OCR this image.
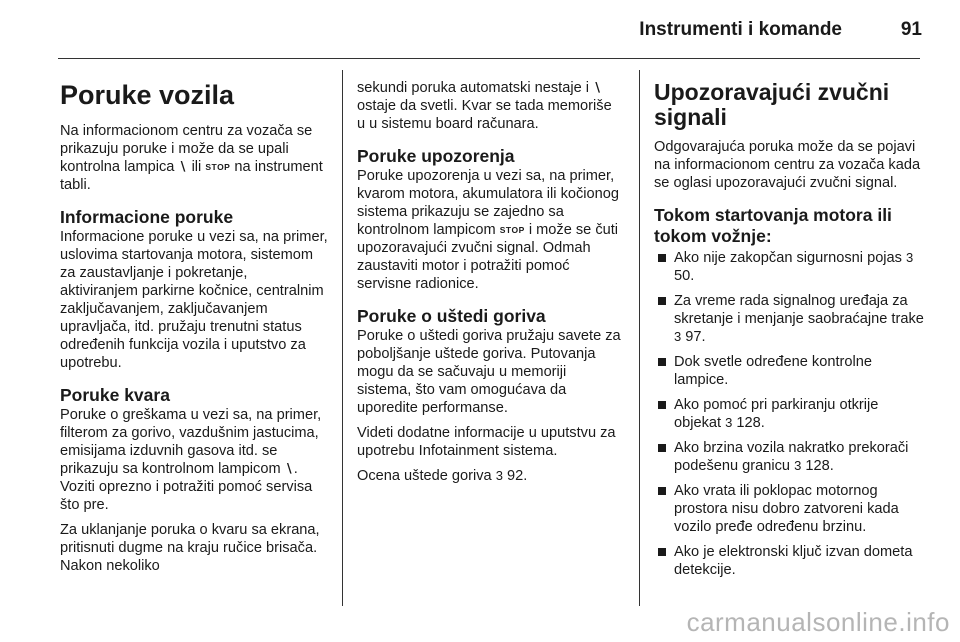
Instrumenti i komande	91
Poruke vozila

Na informacionom centru za vozača se prikazuju poruke i može da se upali kontrolna lampica ∖ ili STOP na instrument tabli.

Informacione poruke

Informacione poruke u vezi sa, na primer, uslovima startovanja motora, sistemom za zaustavljanje i pokretanje, aktiviranjem parkirne kočnice, centralnim zaključavanjem, zaključavanjem upravljača, itd. pružaju trenutni status određenih funkcija vozila i uputstvo za upotrebu.

Poruke kvara

Poruke o greškama u vezi sa, na primer, filterom za gorivo, vazdušnim jastucima, emisijama izduvnih gasova itd. se prikazuju sa kontrolnom lampicom ∖. Voziti oprezno i potražiti pomoć servisa što pre.

Za uklanjanje poruka o kvaru sa ekrana, pritisnuti dugme na kraju ručice brisača. Nakon nekoliko

sekundi poruka automatski nestaje i ∖ ostaje da svetli. Kvar se tada memoriše u u sistemu board računara.

Poruke upozorenja

Poruke upozorenja u vezi sa, na primer, kvarom motora, akumulatora ili kočionog sistema prikazuju se zajedno sa kontrolnom lampicom STOP i može se čuti upozoravajući zvučni signal. Odmah zaustaviti motor i potražiti pomoć servisne radionice.

Poruke o uštedi goriva

Poruke o uštedi goriva pružaju savete za poboljšanje uštede goriva. Putovanja mogu da se sačuvaju u memoriji sistema, što vam omogućava da uporedite performanse.

Videti dodatne informacije u uputstvu za upotrebu Infotainment sistema.

Ocena uštede goriva 3 92.

Upozoravajući zvučni signali

Odgovarajuća poruka može da se pojavi na informacionom centru za vozača kada se oglasi upozoravajući zvučni signal.

Tokom startovanja motora ili tokom vožnje:
Ako nije zakopčan sigurnosni pojas 3 50.
Za vreme rada signalnog uređaja za skretanje i menjanje saobraćajne trake 3 97.
Dok svetle određene kontrolne lampice.
Ako pomoć pri parkiranju otkrije objekat 3 128.
Ako brzina vozila nakratko prekorači podešenu granicu 3 128.
Ako vrata ili poklopac motornog prostora nisu dobro zatvoreni kada vozilo pređe određenu brzinu.
Ako je elektronski ključ izvan dometa detekcije.
carmanualsonline.info
